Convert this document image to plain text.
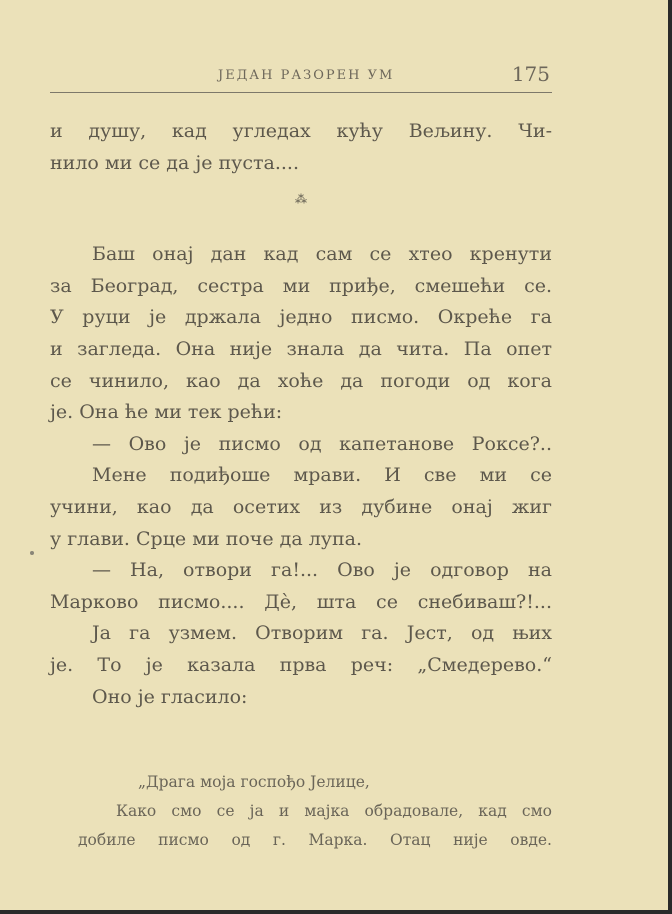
ЈЕДАН РАЗОРЕН УМ	175
и душу, кад угледах кућу Вељину. Чи-
нило ми се да је пуста....
⁂
Баш онај дан кад сам се хтео кренути
за Београд, сестра ми приђе, смешећи се.
У руци је држала једно писмо. Окреће га
и загледа. Она није знала да чита. Па опет
се чинило, као да хоће да погоди од кога
је. Она ће ми тек рећи:
— Ово је писмо од капетанове Роксе?..
Мене подиђоше мрави. И све ми се
учини, као да осетих из дубине онај жиг
у глави. Срце ми поче да лупа.
— На, отвори га!... Ово је одговор на
Марково писмо.... Дѐ, шта се снебиваш?!...
Ја га узмем. Отворим га. Јест, од њих
је. То је казала прва реч: „Смедерево.“
Оно је гласило:
„Драга моја госпођо Јелице,
Како смо се ја и мајка обрадовале, кад смо
добиле писмо од г. Марка. Отац није овде.
